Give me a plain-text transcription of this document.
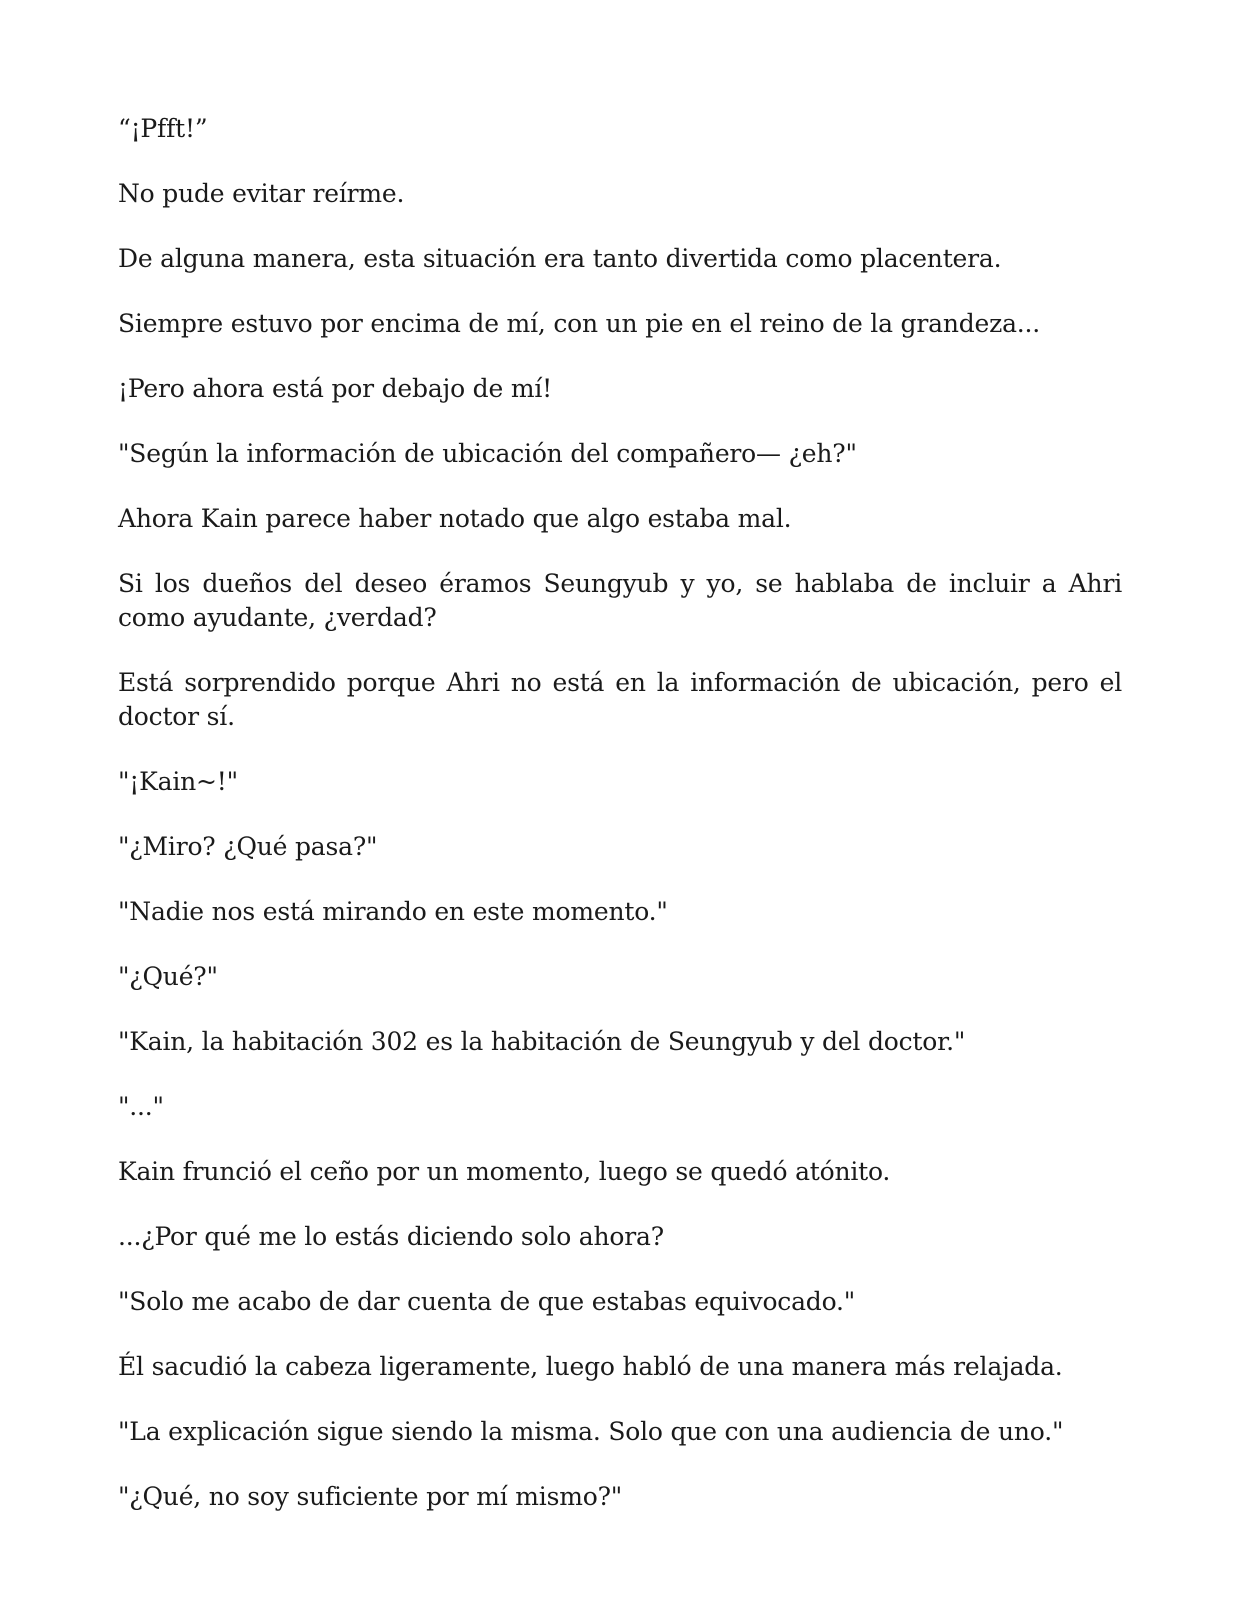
“¡Pfft!”

No pude evitar reírme.

De alguna manera, esta situación era tanto divertida como placentera.

Siempre estuvo por encima de mí, con un pie en el reino de la grandeza...

¡Pero ahora está por debajo de mí!

"Según la información de ubicación del compañero— ¿eh?"

Ahora Kain parece haber notado que algo estaba mal.

Si los dueños del deseo éramos Seungyub y yo, se hablaba de incluir a Ahri como ayudante, ¿verdad?

Está sorprendido porque Ahri no está en la información de ubicación, pero el doctor sí.

"¡Kain~!"

"¿Miro? ¿Qué pasa?"

"Nadie nos está mirando en este momento."

"¿Qué?"

"Kain, la habitación 302 es la habitación de Seungyub y del doctor."

"..."

Kain frunció el ceño por un momento, luego se quedó atónito.

...¿Por qué me lo estás diciendo solo ahora?

"Solo me acabo de dar cuenta de que estabas equivocado."

Él sacudió la cabeza ligeramente, luego habló de una manera más relajada.

"La explicación sigue siendo la misma. Solo que con una audiencia de uno."

"¿Qué, no soy suficiente por mí mismo?"
